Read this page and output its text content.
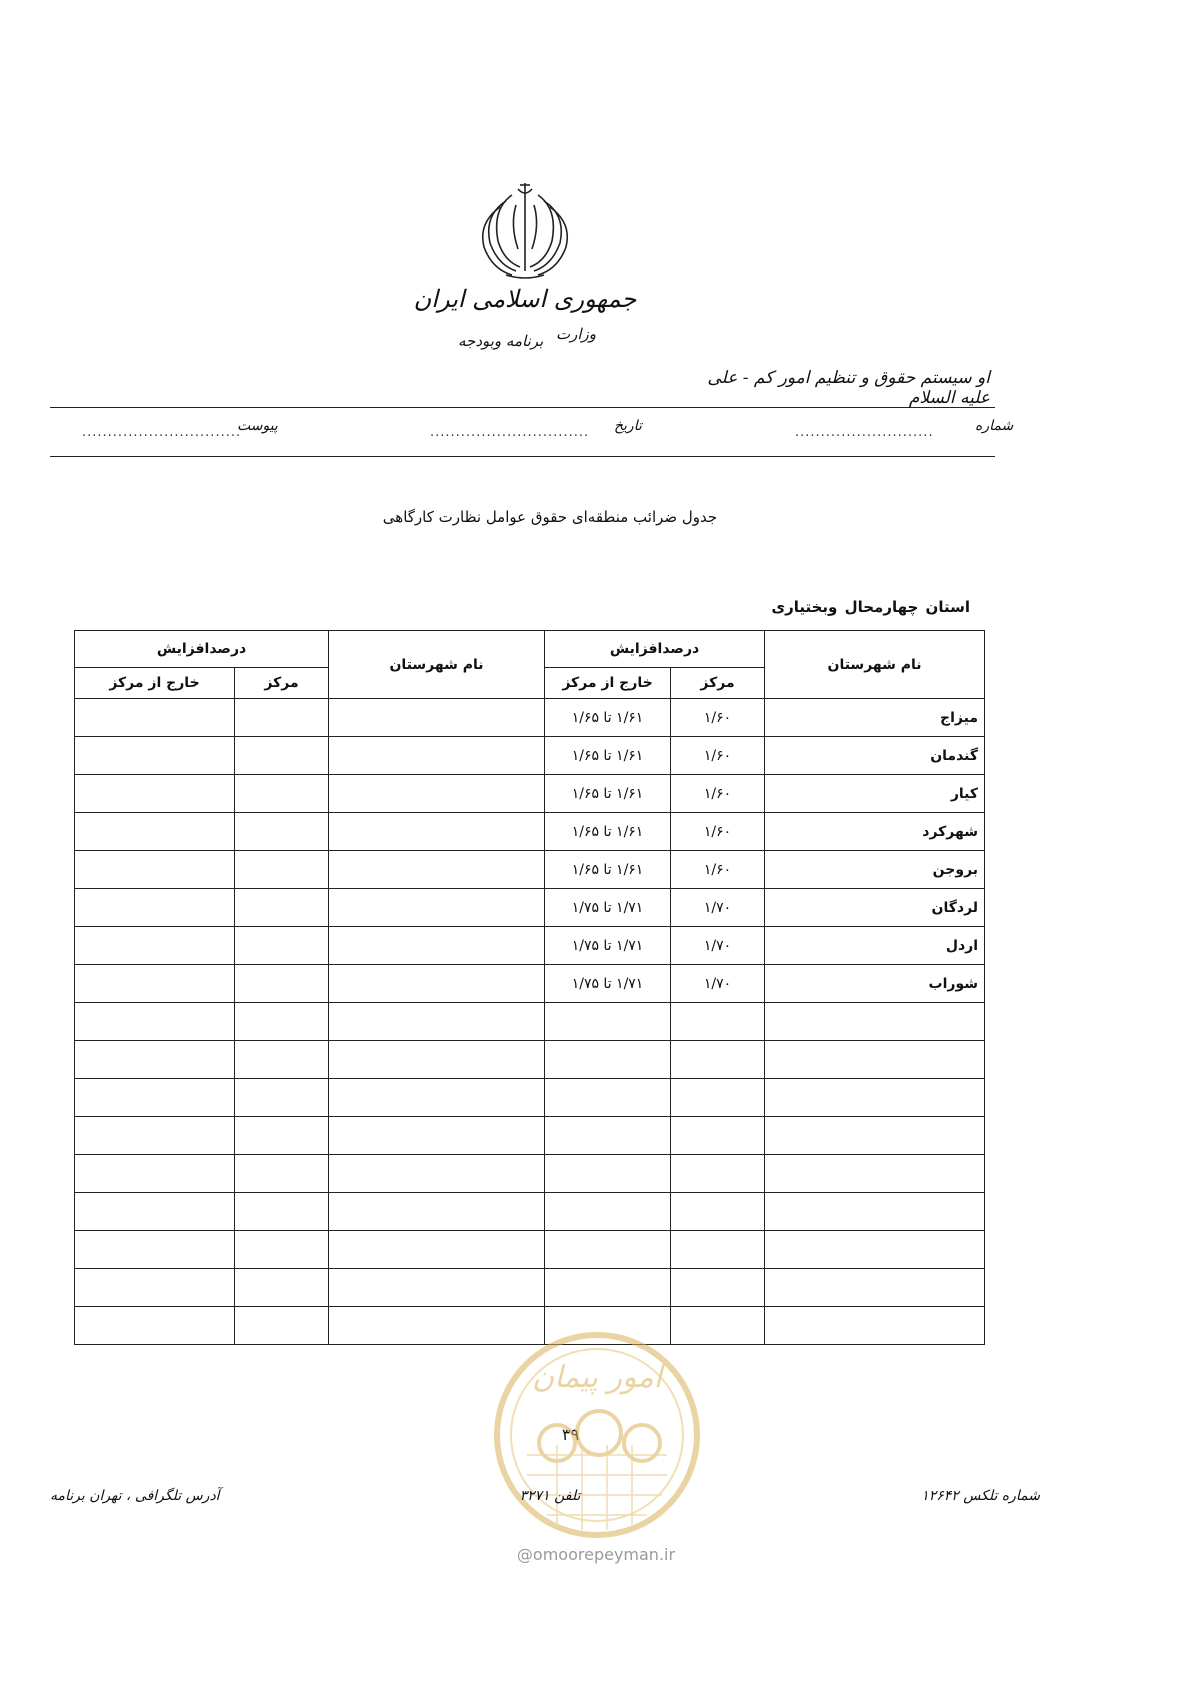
جمهوری اسلامی ایران
وزارت
برنامه وبودجه
او سیستم حقوق و تنظیم امور کم - علی علیه السلام
شماره
...........................
تاریخ
...............................
پیوست
...............................
جدول ضرائب منطقه‌ای حقوق عوامل نظارت کارگاهی
استان چهارمحال وبختیاری
نام شهرستان	درصدافزایش		نام شهرستان	درصدافزایش	
	مرکز	خارج از مرکز		مرکز	خارج از مرکز
میزاج	۱/۶۰	۱/۶۱ تا ۱/۶۵			
گندمان	۱/۶۰	۱/۶۱ تا ۱/۶۵			
کیار	۱/۶۰	۱/۶۱ تا ۱/۶۵			
شهرکرد	۱/۶۰	۱/۶۱ تا ۱/۶۵			
بروجن	۱/۶۰	۱/۶۱ تا ۱/۶۵			
لردگان	۱/۷۰	۱/۷۱ تا ۱/۷۵			
اردل	۱/۷۰	۱/۷۱ تا ۱/۷۵			
شوراب	۱/۷۰	۱/۷۱ تا ۱/۷۵			

۳۹
امور پیمان
@omoorepeyman.ir
شماره تلکس ۱۲۶۴۲
تلفن ۳۲۷۱
آدرس تلگرافی ، تهران برنامه
